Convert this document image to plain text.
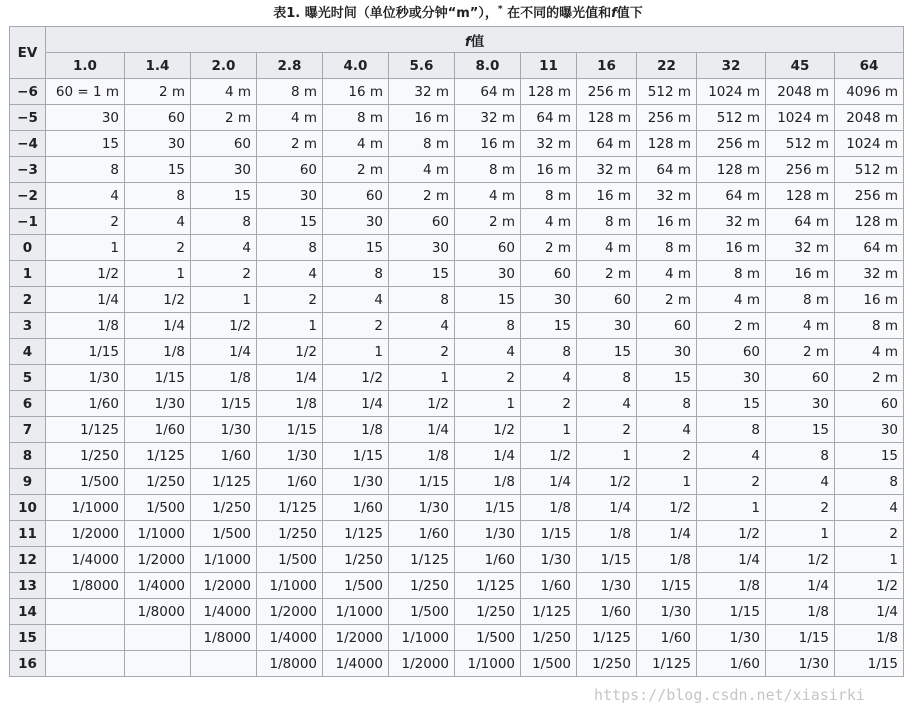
表1. 曝光时间（单位秒或分钟“m”），* 在不同的曝光值和f值下
EV	f值												
	1.0	1.4	2.0	2.8	4.0	5.6	8.0	11	16	22	32	45	64
−6	60 = 1 m	2 m	4 m	8 m	16 m	32 m	64 m	128 m	256 m	512 m	1024 m	2048 m	4096 m
−5	30	60	2 m	4 m	8 m	16 m	32 m	64 m	128 m	256 m	512 m	1024 m	2048 m
−4	15	30	60	2 m	4 m	8 m	16 m	32 m	64 m	128 m	256 m	512 m	1024 m
−3	8	15	30	60	2 m	4 m	8 m	16 m	32 m	64 m	128 m	256 m	512 m
−2	4	8	15	30	60	2 m	4 m	8 m	16 m	32 m	64 m	128 m	256 m
−1	2	4	8	15	30	60	2 m	4 m	8 m	16 m	32 m	64 m	128 m
0	1	2	4	8	15	30	60	2 m	4 m	8 m	16 m	32 m	64 m
1	1/2	1	2	4	8	15	30	60	2 m	4 m	8 m	16 m	32 m
2	1/4	1/2	1	2	4	8	15	30	60	2 m	4 m	8 m	16 m
3	1/8	1/4	1/2	1	2	4	8	15	30	60	2 m	4 m	8 m
4	1/15	1/8	1/4	1/2	1	2	4	8	15	30	60	2 m	4 m
5	1/30	1/15	1/8	1/4	1/2	1	2	4	8	15	30	60	2 m
6	1/60	1/30	1/15	1/8	1/4	1/2	1	2	4	8	15	30	60
7	1/125	1/60	1/30	1/15	1/8	1/4	1/2	1	2	4	8	15	30
8	1/250	1/125	1/60	1/30	1/15	1/8	1/4	1/2	1	2	4	8	15
9	1/500	1/250	1/125	1/60	1/30	1/15	1/8	1/4	1/2	1	2	4	8
10	1/1000	1/500	1/250	1/125	1/60	1/30	1/15	1/8	1/4	1/2	1	2	4
11	1/2000	1/1000	1/500	1/250	1/125	1/60	1/30	1/15	1/8	1/4	1/2	1	2
12	1/4000	1/2000	1/1000	1/500	1/250	1/125	1/60	1/30	1/15	1/8	1/4	1/2	1
13	1/8000	1/4000	1/2000	1/1000	1/500	1/250	1/125	1/60	1/30	1/15	1/8	1/4	1/2
14		1/8000	1/4000	1/2000	1/1000	1/500	1/250	1/125	1/60	1/30	1/15	1/8	1/4
15			1/8000	1/4000	1/2000	1/1000	1/500	1/250	1/125	1/60	1/30	1/15	1/8
16				1/8000	1/4000	1/2000	1/1000	1/500	1/250	1/125	1/60	1/30	1/15
https://blog.csdn.net/xiasirki
